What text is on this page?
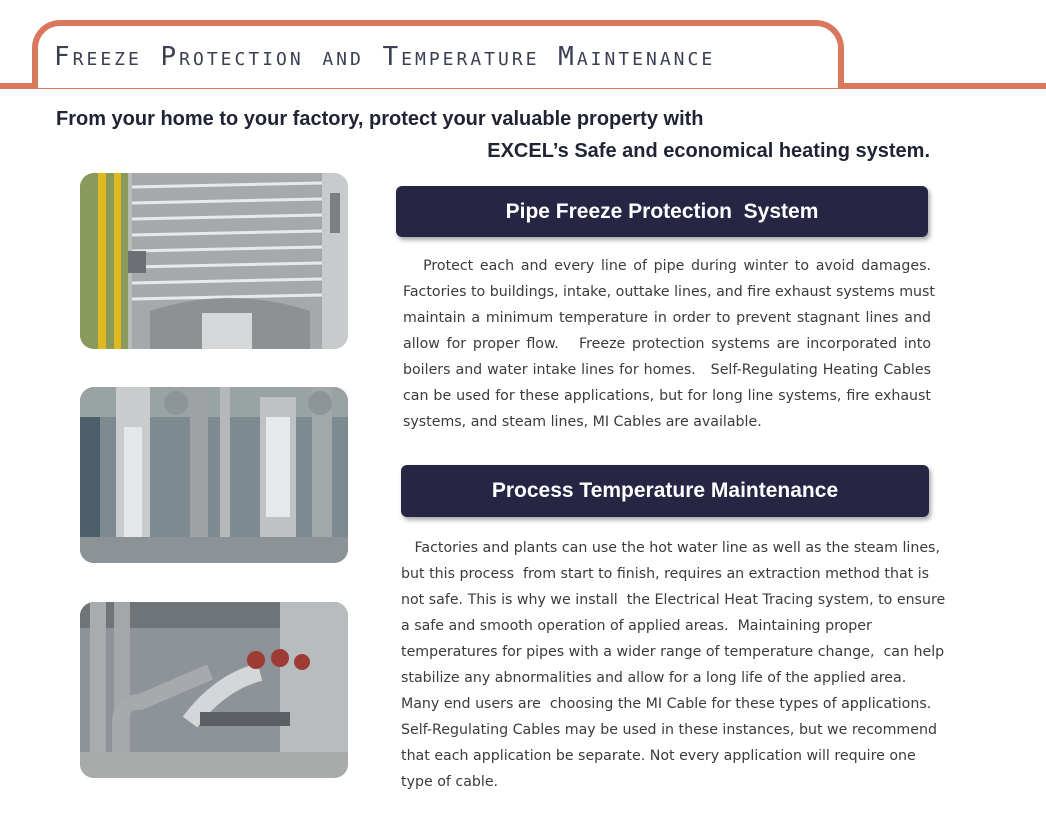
Freeze Protection and Temperature Maintenance
From your home to your factory, protect your valuable property with
EXCEL’s Safe and economical heating system.
Pipe Freeze Protection  System
Protect each and every line of pipe during winter to avoid damages.
Factories to buildings, intake, outtake lines, and fire exhaust systems must
maintain a minimum temperature in order to prevent stagnant lines and
allow for proper flow.   Freeze protection systems are incorporated into
boilers and water intake lines for homes.   Self-Regulating Heating Cables
can be used for these applications, but for long line systems, fire exhaust
systems, and steam lines, MI Cables are available.
Process Temperature Maintenance
Factories and plants can use the hot water line as well as the steam lines,
but this process  from start to finish, requires an extraction method that is
not safe. This is why we install  the Electrical Heat Tracing system, to ensure
a safe and smooth operation of applied areas.  Maintaining proper
temperatures for pipes with a wider range of temperature change,  can help
stabilize any abnormalities and allow for a long life of the applied area.
Many end users are  choosing the MI Cable for these types of applications.
Self-Regulating Cables may be used in these instances, but we recommend
that each application be separate. Not every application will require one
type of cable.
